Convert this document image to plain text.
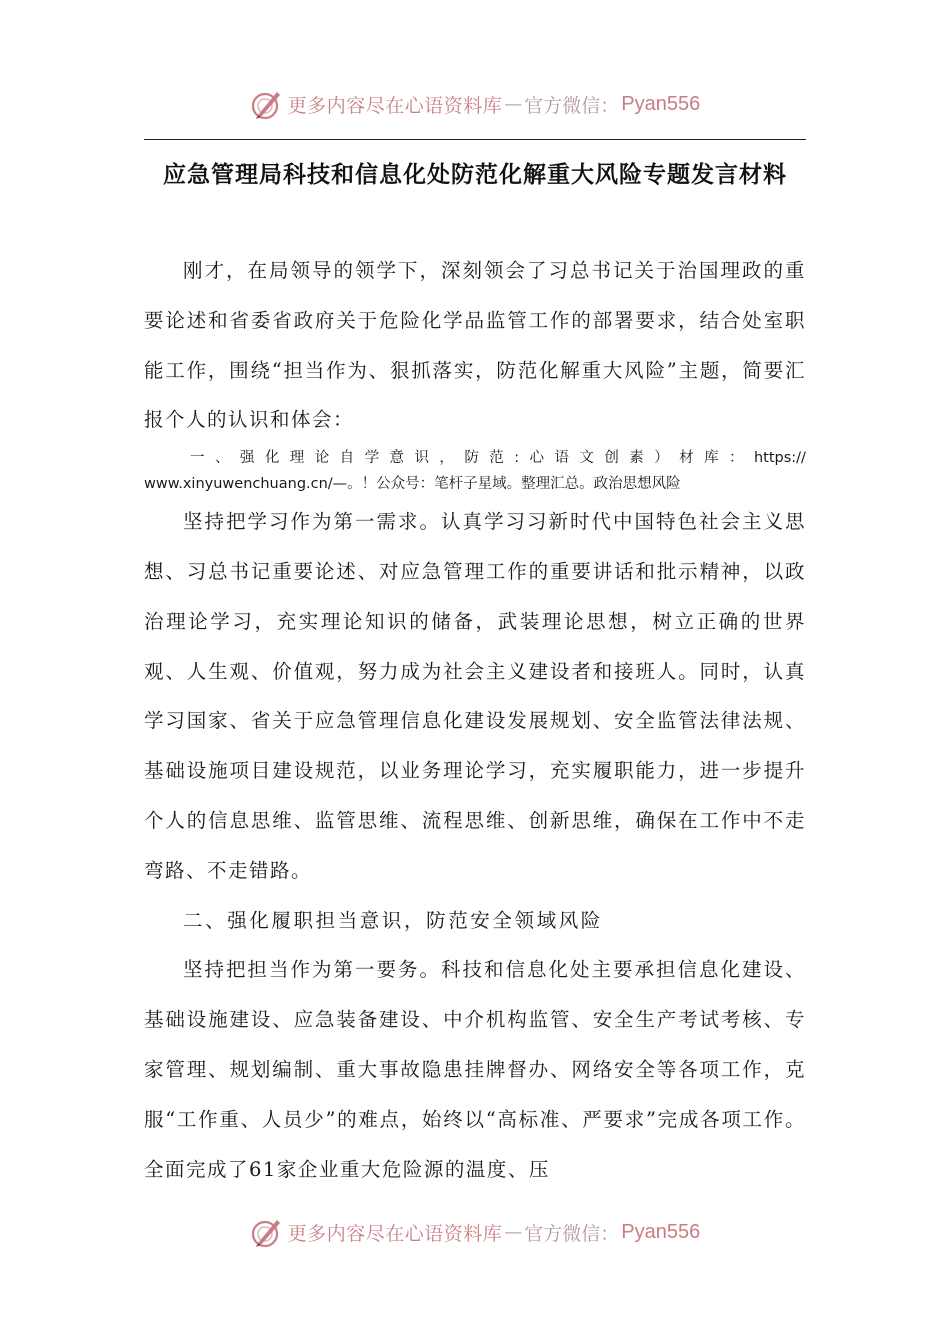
更多内容尽在心语资料库 — 官方微信： Pyan556
应急管理局科技和信息化处防范化解重大风险专题发言材料

刚才，在局领导的领学下，深刻领会了习总书记关于治国理政的重要论述和省委省政府关于危险化学品监管工作的部署要求，结合处室职能工作，围绕“担当作为、狠抓落实，防范化解重大风险”主题，简要汇报个人的认识和体会：

一 、 强 化 理 论 自 学 意 识 ， 防 范 : 心 语 文 创 素 ） 材 库 ： https://
www.xinyuwenchuang.cn/—。！公众号：笔杆子星域。整理汇总。政治思想风险

坚持把学习作为第一需求。认真学习习新时代中国特色社会主义思想、习总书记重要论述、对应急管理工作的重要讲话和批示精神，以政治理论学习，充实理论知识的储备，武装理论思想，树立正确的世界观、人生观、价值观，努力成为社会主义建设者和接班人。同时，认真学习国家、省关于应急管理信息化建设发展规划、安全监管法律法规、基础设施项目建设规范，以业务理论学习，充实履职能力，进一步提升个人的信息思维、监管思维、流程思维、创新思维，确保在工作中不走弯路、不走错路。

二、强化履职担当意识，防范安全领域风险

坚持把担当作为第一要务。科技和信息化处主要承担信息化建设、基础设施建设、应急装备建设、中介机构监管、安全生产考试考核、专家管理、规划编制、重大事故隐患挂牌督办、网络安全等各项工作，克服“工作重、人员少”的难点，始终以“高标准、严要求”完成各项工作。全面完成了61家企业重大危险源的温度、压

更多内容尽在心语资料库 — 官方微信： Pyan556
